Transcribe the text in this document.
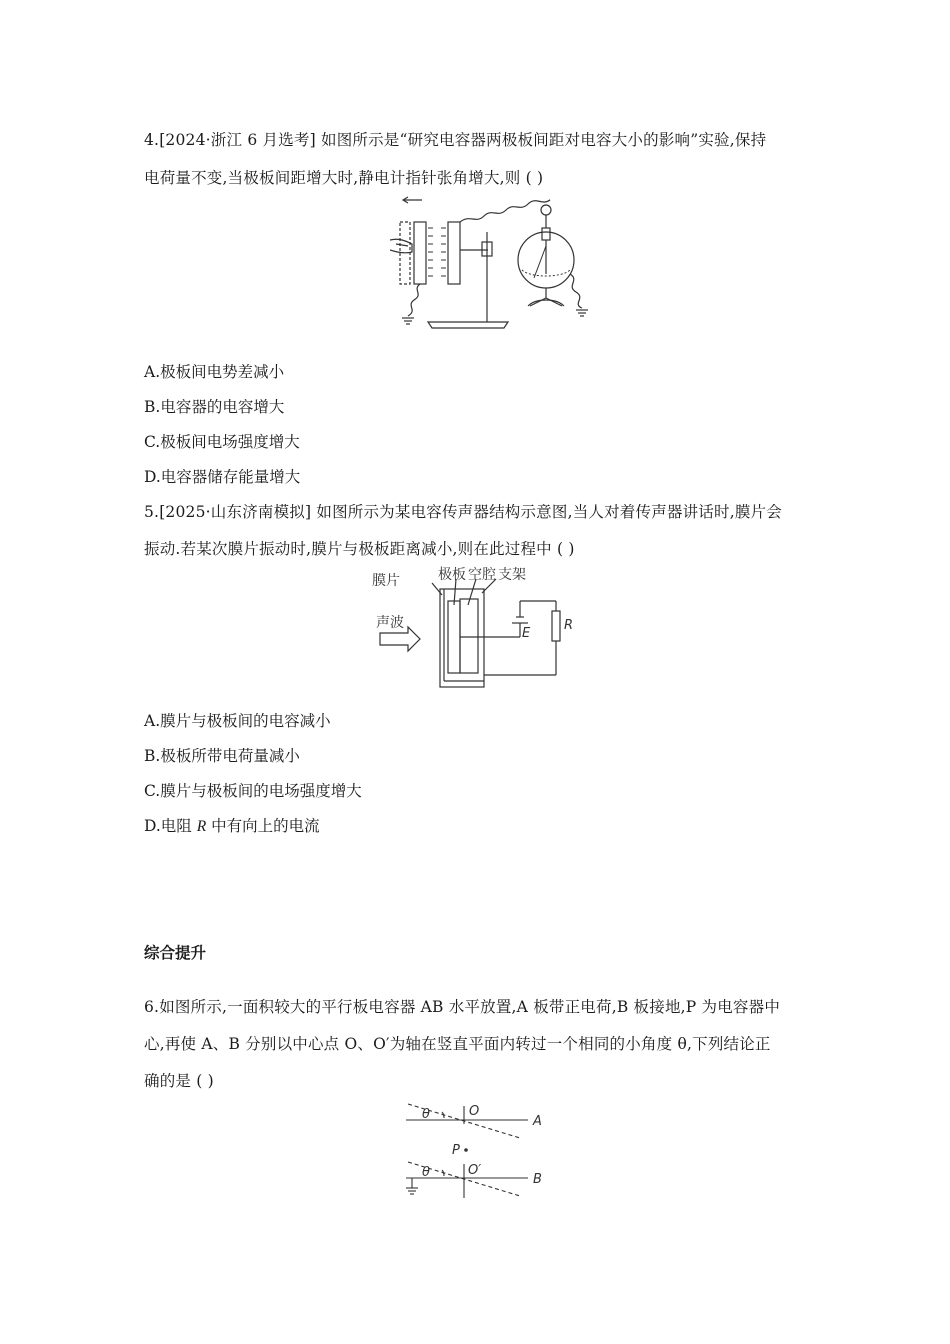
4.[2024·浙江 6 月选考] 如图所示是“研究电容器两极板间距对电容大小的影响”实验,保持
电荷量不变,当极板间距增大时,静电计指针张角增大,则 ( )
A.极板间电势差减小
B.电容器的电容增大
C.极板间电场强度增大
D.电容器储存能量增大
5.[2025·山东济南模拟] 如图所示为某电容传声器结构示意图,当人对着传声器讲话时,膜片会
振动.若某次膜片振动时,膜片与极板距离减小,则在此过程中 ( )
膜片	极板 空腔 支架
声波
E
R
A.膜片与极板间的电容减小
B.极板所带电荷量减小
C.膜片与极板间的电场强度增大
D.电阻 R 中有向上的电流
综合提升
6.如图所示,一面积较大的平行板电容器 AB 水平放置,A 板带正电荷,B 板接地,P 为电容器中
心,再使 A、B 分别以中心点 O、O′为轴在竖直平面内转过一个相同的小角度 θ,下列结论正
确的是 ( )
θ
θ
O
O′
A
B
P
